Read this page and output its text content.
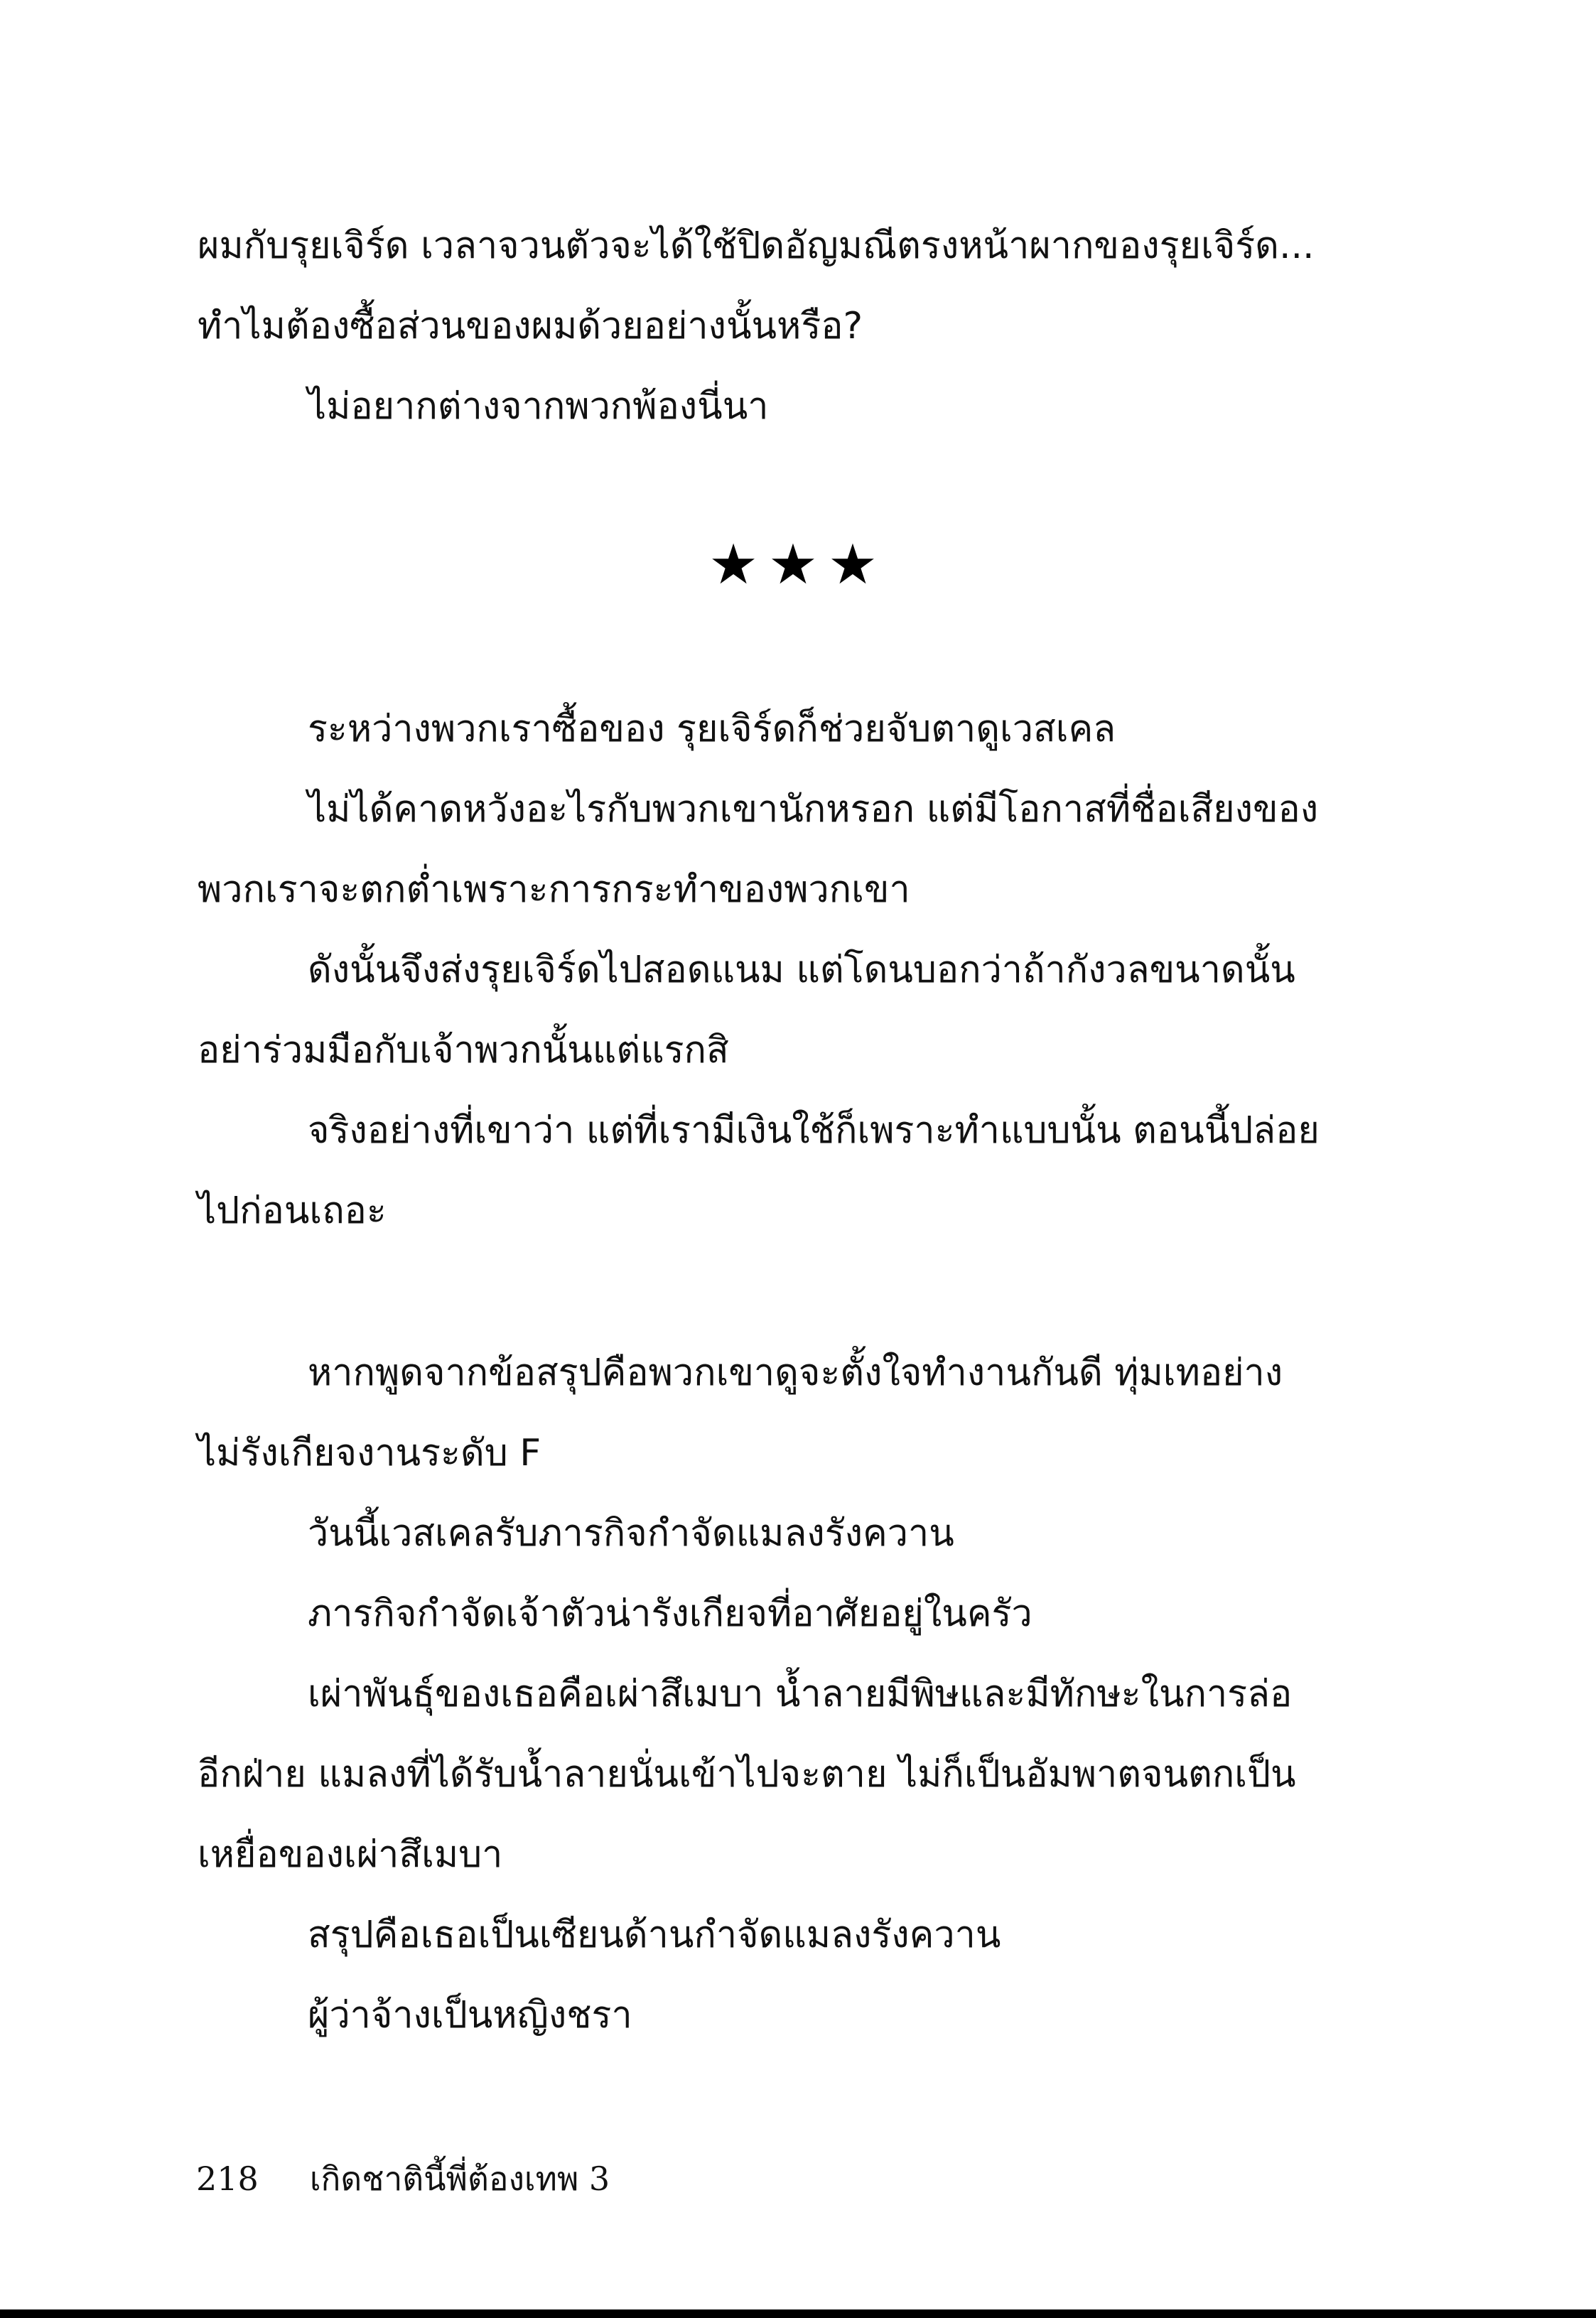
ผมกับรุยเจิร์ด เวลาจวนตัวจะได้ใช้ปิดอัญมณีตรงหน้าผากของรุยเจิร์ด...
ทำไมต้องซื้อส่วนของผมด้วยอย่างนั้นหรือ?
ไม่อยากต่างจากพวกพ้องนี่นา
★★★
ระหว่างพวกเราซื้อของ รุยเจิร์ดก็ช่วยจับตาดูเวสเคล
ไม่ได้คาดหวังอะไรกับพวกเขานักหรอก แต่มีโอกาสที่ชื่อเสียงของ
พวกเราจะตกต่ำเพราะการกระทำของพวกเขา
ดังนั้นจึงส่งรุยเจิร์ดไปสอดแนม แต่โดนบอกว่าถ้ากังวลขนาดนั้น
อย่าร่วมมือกับเจ้าพวกนั้นแต่แรกสิ
จริงอย่างที่เขาว่า แต่ที่เรามีเงินใช้ก็เพราะทำแบบนั้น ตอนนี้ปล่อย
ไปก่อนเถอะ
หากพูดจากข้อสรุปคือพวกเขาดูจะตั้งใจทำงานกันดี ทุ่มเทอย่าง
ไม่รังเกียจงานระดับ F
วันนี้เวสเคลรับภารกิจกำจัดแมลงรังควาน
ภารกิจกำจัดเจ้าตัวน่ารังเกียจที่อาศัยอยู่ในครัว
เผ่าพันธุ์ของเธอคือเผ่าสึเมบา น้ำลายมีพิษและมีทักษะในการล่อ
อีกฝ่าย แมลงที่ได้รับน้ำลายนั่นเข้าไปจะตาย ไม่ก็เป็นอัมพาตจนตกเป็น
เหยื่อของเผ่าสึเมบา
สรุปคือเธอเป็นเซียนด้านกำจัดแมลงรังควาน
ผู้ว่าจ้างเป็นหญิงชรา
218 เกิดชาตินี้พี่ต้องเทพ 3
